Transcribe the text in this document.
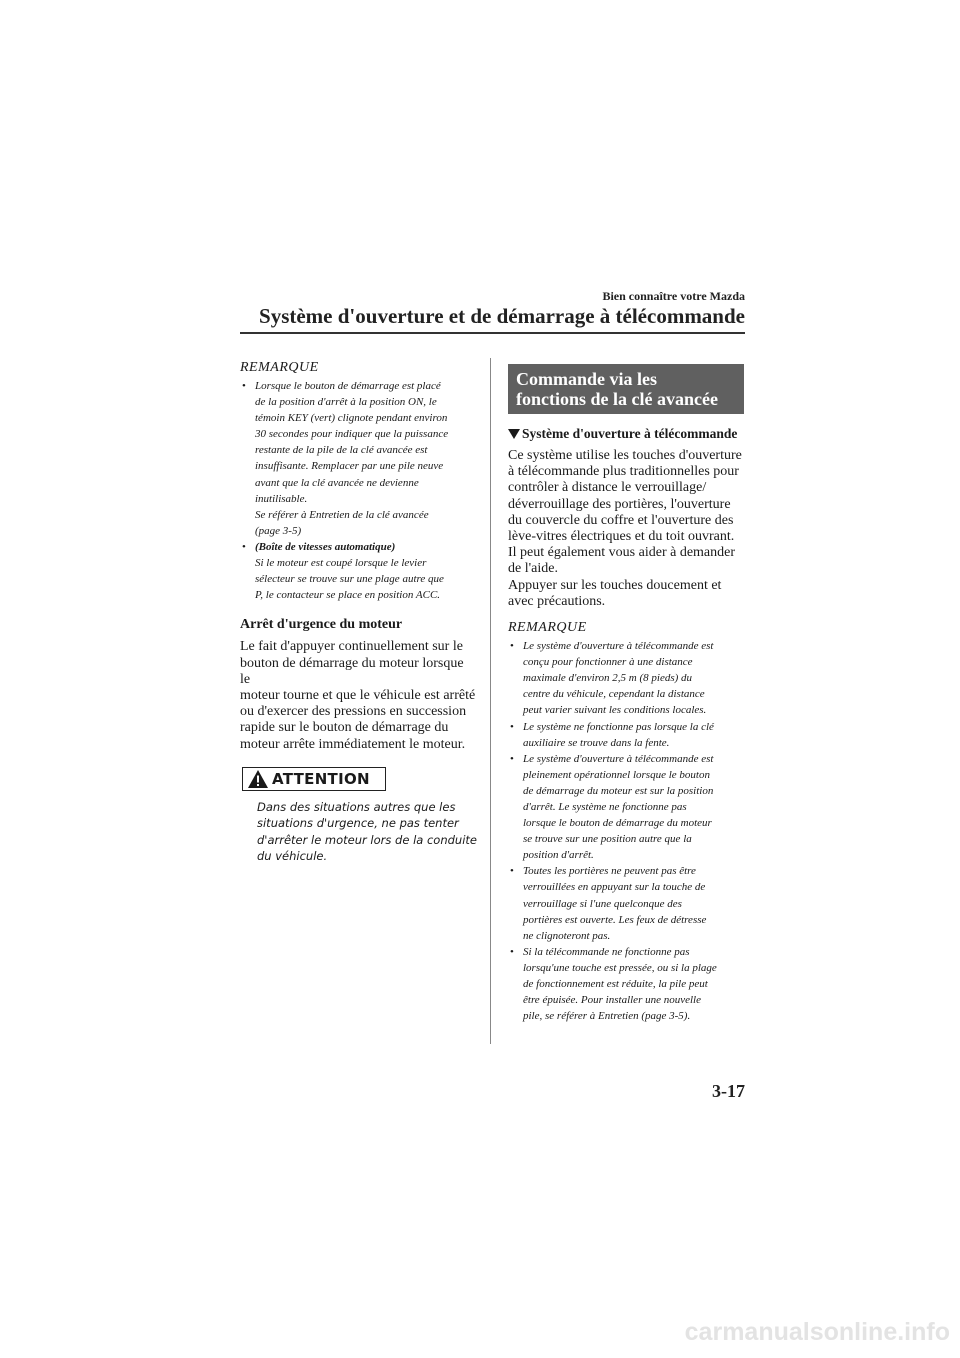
Bien connaître votre Mazda
Système d'ouverture et de démarrage à télécommande
REMARQUE
• Lorsque le bouton de démarrage est placé
de la position d'arrêt à la position ON, le
témoin KEY (vert) clignote pendant environ
30 secondes pour indiquer que la puissance
restante de la pile de la clé avancée est
insuffisante. Remplacer par une pile neuve
avant que la clé avancée ne devienne
inutilisable.
Se référer à Entretien de la clé avancée
(page 3-5)
• (Boîte de vitesses automatique)
Si le moteur est coupé lorsque le levier
sélecteur se trouve sur une plage autre que
P, le contacteur se place en position ACC.
Arrêt d'urgence du moteur
Le fait d'appuyer continuellement sur le
bouton de démarrage du moteur lorsque le
moteur tourne et que le véhicule est arrêté
ou d'exercer des pressions en succession
rapide sur le bouton de démarrage du
moteur arrête immédiatement le moteur.
ATTENTION
Dans des situations autres que les
situations d'urgence, ne pas tenter
d'arrêter le moteur lors de la conduite
du véhicule.
Commande via les
fonctions de la clé avancée
Système d'ouverture à télécommande
Ce système utilise les touches d'ouverture
à télécommande plus traditionnelles pour
contrôler à distance le verrouillage/
déverrouillage des portières, l'ouverture
du couvercle du coffre et l'ouverture des
lève-vitres électriques et du toit ouvrant.
Il peut également vous aider à demander
de l'aide.
Appuyer sur les touches doucement et
avec précautions.
REMARQUE
• Le système d'ouverture à télécommande est
conçu pour fonctionner à une distance
maximale d'environ 2,5 m (8 pieds) du
centre du véhicule, cependant la distance
peut varier suivant les conditions locales.
• Le système ne fonctionne pas lorsque la clé
auxiliaire se trouve dans la fente.
• Le système d'ouverture à télécommande est
pleinement opérationnel lorsque le bouton
de démarrage du moteur est sur la position
d'arrêt. Le système ne fonctionne pas
lorsque le bouton de démarrage du moteur
se trouve sur une position autre que la
position d'arrêt.
• Toutes les portières ne peuvent pas être
verrouillées en appuyant sur la touche de
verrouillage si l'une quelconque des
portières est ouverte. Les feux de détresse
ne clignoteront pas.
• Si la télécommande ne fonctionne pas
lorsqu'une touche est pressée, ou si la plage
de fonctionnement est réduite, la pile peut
être épuisée. Pour installer une nouvelle
pile, se référer à Entretien (page 3-5).
3-17
carmanualsonline.info
